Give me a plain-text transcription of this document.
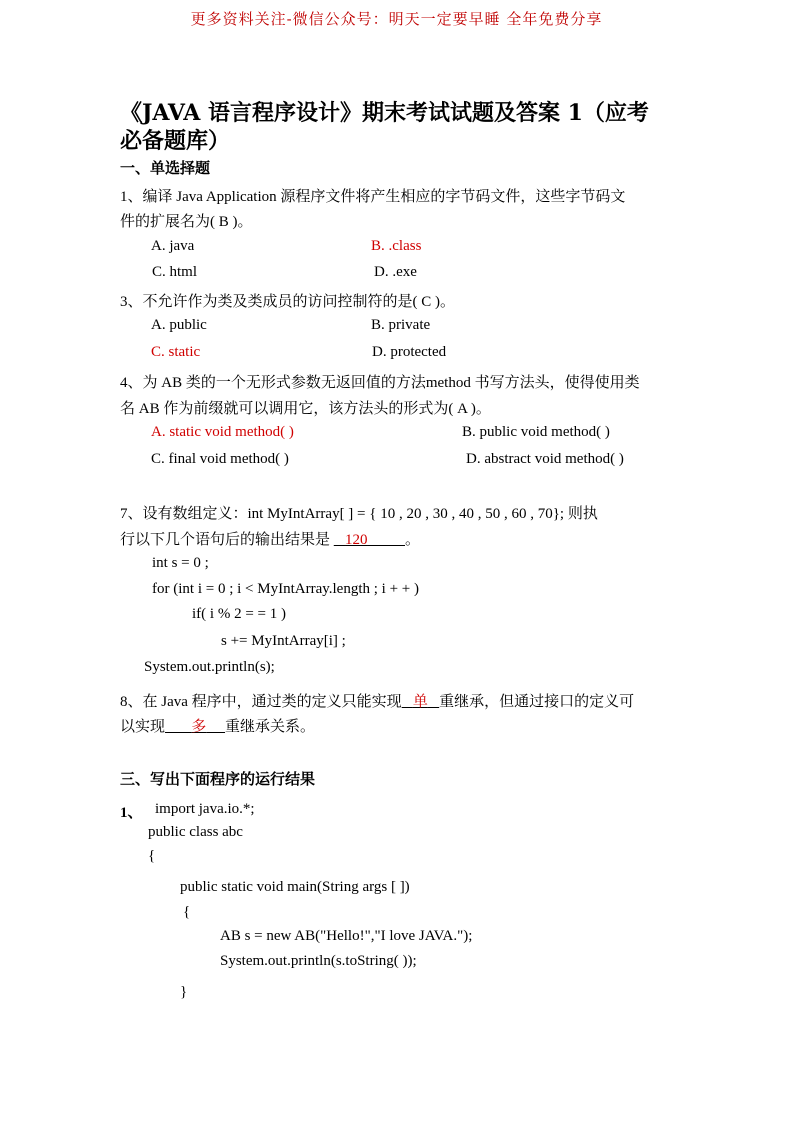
更多资料关注-微信公众号：明天一定要早睡 全年免费分享
《JAVA 语言程序设计》期末考试试题及答案 1（应考
必备题库）
一、单选择题
1、编译 Java Application 源程序文件将产生相应的字节码文件，这些字节码文
件的扩展名为( B )。
A. java	B. .class
C. html	D. .exe
3、不允许作为类及类成员的访问控制符的是( C )。
A. public	B. private
C. static	D. protected
4、为 AB 类的一个无形式参数无返回值的方法method 书写方法头，使得使用类
名 AB 作为前缀就可以调用它，该方法头的形式为( A )。
A. static void method( )	B. public void method( )
C. final void method( )	D. abstract void method( )
7、设有数组定义：int MyIntArray[ ] = { 10 , 20 , 30 , 40 , 50 , 60 , 70}; 则执
行以下几个语句后的输出结果是    120	。
int s = 0 ;
for (int i = 0 ; i < MyIntArray.length ; i + + )
if( i % 2 = = 1 )
s += MyIntArray[i] ;
System.out.println(s);
8、在 Java 程序中，通过类的定义只能实现 单 重继承，但通过接口的定义可
以实现 多 重继承关系。
三、写出下面程序的运行结果
1、 import java.io.*;
public class abc
{
public static void main(String args [ ])
{
AB s = new AB("Hello!","I love JAVA.");
System.out.println(s.toString( ));
}
